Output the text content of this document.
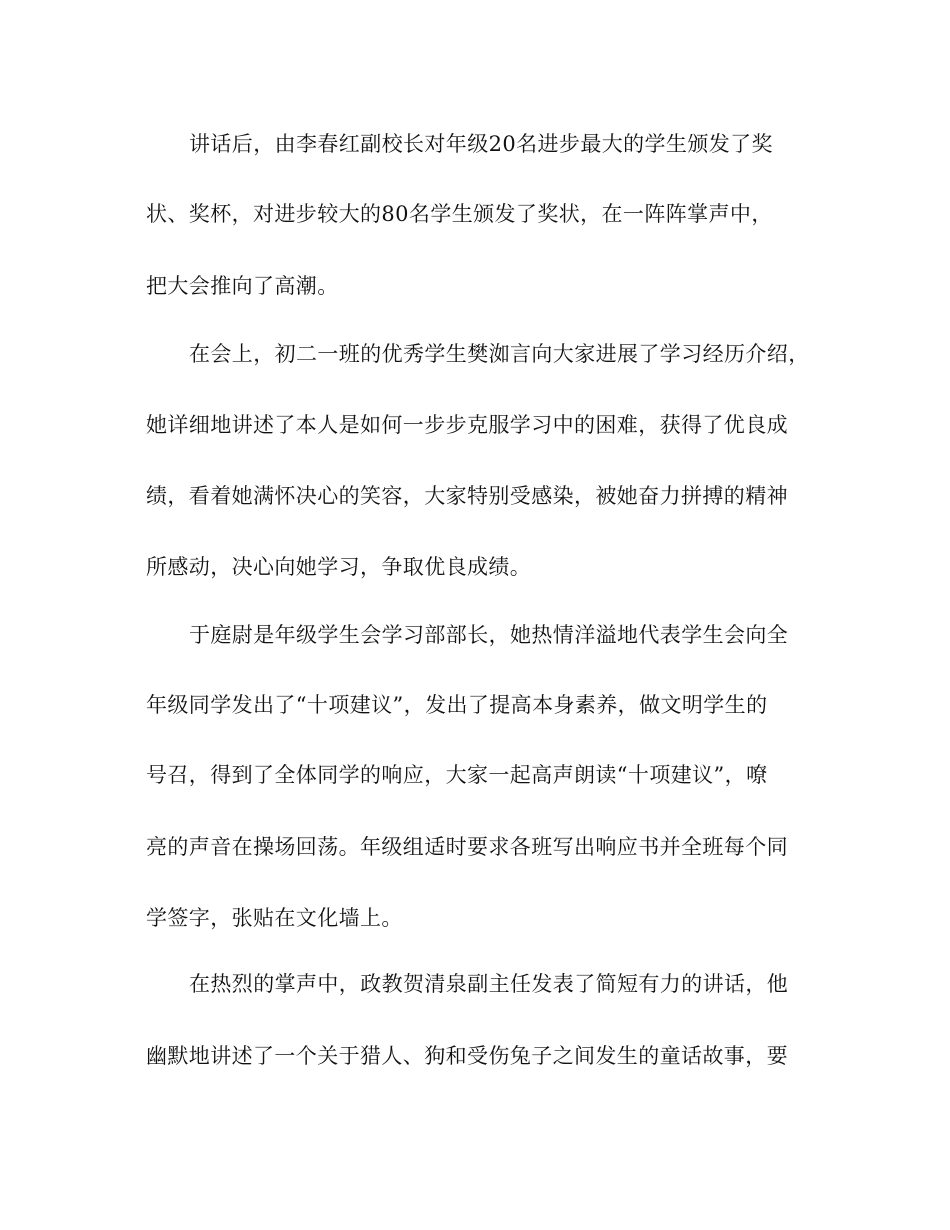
讲话后，由李春红副校长对年级20名进步最大的学生颁发了奖
状、奖杯，对进步较大的80名学生颁发了奖状，在一阵阵掌声中，
把大会推向了高潮。
在会上，初二一班的优秀学生樊洳言向大家进展了学习经历介绍，
她详细地讲述了本人是如何一步步克服学习中的困难，获得了优良成
绩，看着她满怀决心的笑容，大家特别受感染，被她奋力拼搏的精神
所感动，决心向她学习，争取优良成绩。
于庭尉是年级学生会学习部部长，她热情洋溢地代表学生会向全
年级同学发出了“十项建议”，发出了提高本身素养，做文明学生的
号召，得到了全体同学的响应，大家一起高声朗读“十项建议”，嘹
亮的声音在操场回荡。年级组适时要求各班写出响应书并全班每个同
学签字，张贴在文化墙上。
在热烈的掌声中，政教贺清泉副主任发表了简短有力的讲话，他
幽默地讲述了一个关于猎人、狗和受伤兔子之间发生的童话故事，要
